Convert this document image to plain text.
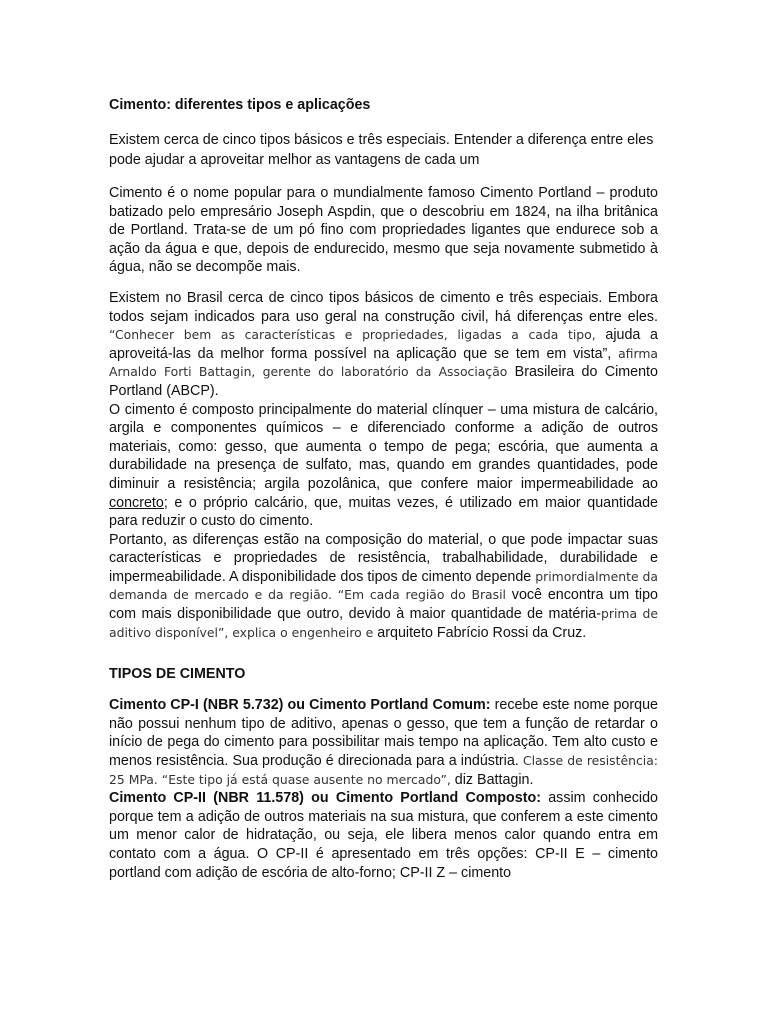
Cimento: diferentes tipos e aplicações

Existem cerca de cinco tipos básicos e três especiais. Entender a diferença entre eles pode ajudar a aproveitar melhor as vantagens de cada um

Cimento é o nome popular para o mundialmente famoso Cimento Portland – produto batizado pelo empresário Joseph Aspdin, que o descobriu em 1824, na ilha britânica de Portland. Trata-se de um pó fino com propriedades ligantes que endurece sob a ação da água e que, depois de endurecido, mesmo que seja novamente submetido à água, não se decompõe mais.

Existem no Brasil cerca de cinco tipos básicos de cimento e três especiais. Embora todos sejam indicados para uso geral na construção civil, há diferenças entre eles. “Conhecer bem as características e propriedades, ligadas a cada tipo, ajuda a aproveitá-las da melhor forma possível na aplicação que se tem em vista”, afirma Arnaldo Forti Battagin, gerente do laboratório da Associação Brasileira do Cimento Portland (ABCP).

O cimento é composto principalmente do material clínquer – uma mistura de calcário, argila e componentes químicos – e diferenciado conforme a adição de outros materiais, como: gesso, que aumenta o tempo de pega; escória, que aumenta a durabilidade na presença de sulfato, mas, quando em grandes quantidades, pode diminuir a resistência; argila pozolânica, que confere maior impermeabilidade ao concreto; e o próprio calcário, que, muitas vezes, é utilizado em maior quantidade para reduzir o custo do cimento.

Portanto, as diferenças estão na composição do material, o que pode impactar suas características e propriedades de resistência, trabalhabilidade, durabilidade e impermeabilidade. A disponibilidade dos tipos de cimento depende primordialmente da demanda de mercado e da região. “Em cada região do Brasil você encontra um tipo com mais disponibilidade que outro, devido à maior quantidade de matéria-prima de aditivo disponível”, explica o engenheiro e arquiteto Fabrício Rossi da Cruz.

TIPOS DE CIMENTO

Cimento CP-I (NBR 5.732) ou Cimento Portland Comum: recebe este nome porque não possui nenhum tipo de aditivo, apenas o gesso, que tem a função de retardar o início de pega do cimento para possibilitar mais tempo na aplicação. Tem alto custo e menos resistência. Sua produção é direcionada para a indústria. Classe de resistência: 25 MPa. “Este tipo já está quase ausente no mercado”, diz Battagin.

Cimento CP-II (NBR 11.578) ou Cimento Portland Composto: assim conhecido porque tem a adição de outros materiais na sua mistura, que conferem a este cimento um menor calor de hidratação, ou seja, ele libera menos calor quando entra em contato com a água. O CP-II é apresentado em três opções: CP-II E – cimento portland com adição de escória de alto-forno; CP-II Z – cimento
